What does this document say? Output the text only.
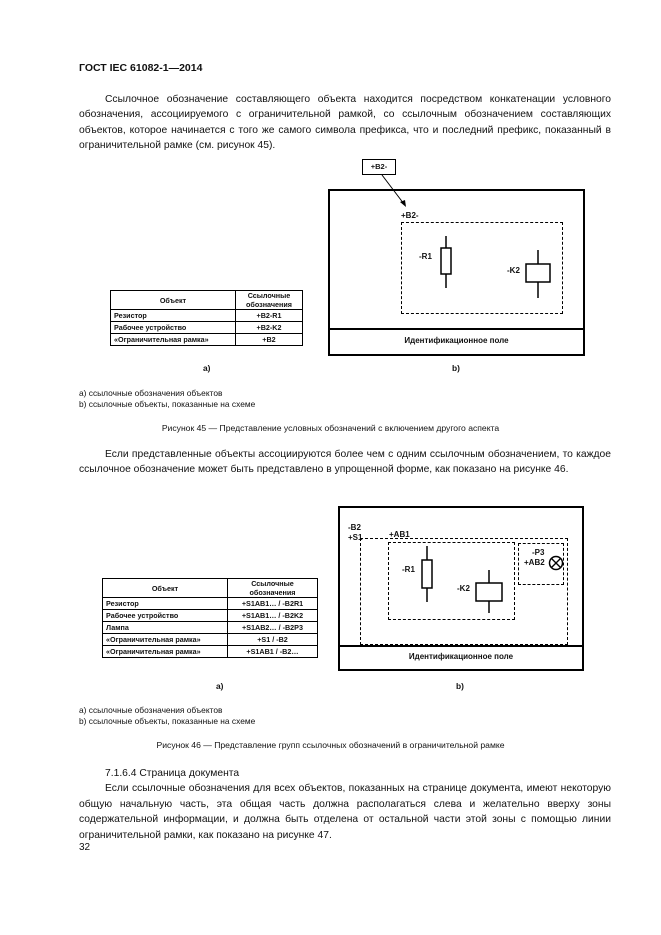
ГОСТ IEC 61082-1—2014

Ссылочное обозначение составляющего объекта находится посредством конкатенации условного обозначения, ассоциируемого с ограничительной рамкой, со ссылочным обозначением составляющих объектов, которое начинается с того же самого символа префикса, что и последний префикс, показанный в ограничительной рамке (см. рисунок 45).

Объект	Ссылочные обозначения
Резистор	+B2-R1
Рабочее устройство	+B2-K2
«Ограничительная рамка»	+B2
+B2-
Идентификационное поле
+B2-
-R1
-K2
a)	b)
a) ссылочные обозначения объектов
b) ссылочные объекты, показанные на схеме
Рисунок 45 — Представление условных обозначений с включением другого аспекта

Если представленные объекты ассоциируются более чем с одним ссылочным обозначением, то каждое ссылочное обозначение может быть представлено в упрощенной форме, как показано на рисунке 46.

Объект	Ссылочные обозначения
Резистор	+S1AB1… / -B2R1
Рабочее устройство	+S1AB1… / -B2K2
Лампа	+S1AB2… / -B2P3
«Ограничительная рамка»	+S1 / -B2
«Ограничительная рамка»	+S1AB1 / -B2…
Идентификационное поле
-B2
+S1	+AB1
-R1
-K2
-P3
+AB2
a)	b)
a) ссылочные обозначения объектов
b) ссылочные объекты, показанные на схеме
Рисунок 46 — Представление групп ссылочных обозначений в ограничительной рамке

7.1.6.4 Страница документа

Если ссылочные обозначения для всех объектов, показанных на странице документа, имеют некоторую общую начальную часть, эта общая часть должна располагаться слева и желательно вверху зоны содержательной информации, и должна быть отделена от остальной части этой зоны с помощью линии ограничительной рамки, как показано на рисунке 47.

32
